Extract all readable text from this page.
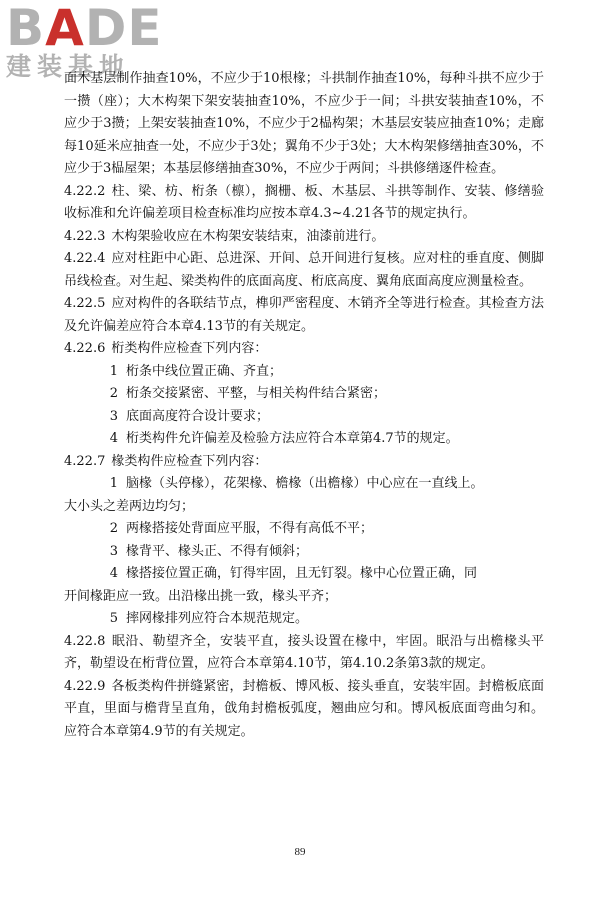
BADE
建装基地
面木基层制作抽查10%，不应少于10根椽；斗拱制作抽查10%，每种斗拱不应少于一攒（座）；大木构架下架安装抽查10%，不应少于一间；斗拱安装抽查10%，不应少于3攒；上架安装抽查10%，不应少于2榀构架；木基层安装应抽查10%；走廊每10延米应抽查一处，不应少于3处；翼角不少于3处；大木构架修缮抽查30%，不应少于3榀屋架；本基层修缮抽查30%，不应少于两间；斗拱修缮逐件检查。
4.22.2 柱、梁、枋、桁条（檩），搁栅、板、木基层、斗拱等制作、安装、修缮验收标准和允许偏差项目检查标准均应按本章4.3~4.21各节的规定执行。
4.22.3 木构架验收应在木构架安装结束，油漆前进行。
4.22.4 应对柱距中心距、总进深、开间、总开间进行复核。应对柱的垂直度、侧脚吊线检查。对生起、梁类构件的底面高度、桁底高度、翼角底面高度应测量检查。
4.22.5 应对构件的各联结节点，榫卯严密程度、木销齐全等进行检查。其检查方法及允许偏差应符合本章4.13节的有关规定。
4.22.6 桁类构件应检查下列内容：
1 桁条中线位置正确、齐直；
2 桁条交接紧密、平整，与相关构件结合紧密；
3 底面高度符合设计要求；
4 桁类构件允许偏差及检验方法应符合本章第4.7节的规定。
4.22.7 椽类构件应检查下列内容：
1 脑椽（头停椽），花架椽、檐椽（出檐椽）中心应在一直线上。
大小头之差两边均匀；
2 两椽搭接处背面应平服，不得有高低不平；
3 椽背平、椽头正、不得有倾斜；
4 椽搭接位置正确，钉得牢固，且无钉裂。椽中心位置正确，同
开间椽距应一致。出沿椽出挑一致，椽头平齐；
5 摔网椽排列应符合本规范规定。
4.22.8 眠沿、勒望齐全，安装平直，接头设置在椽中，牢固。眠沿与出檐椽头平齐，勒望设在桁背位置，应符合本章第4.10节，第4.10.2条第3款的规定。
4.22.9 各板类构件拼缝紧密，封檐板、博风板、接头垂直，安装牢固。封檐板底面平直，里面与檐背呈直角，戗角封檐板弧度，翘曲应匀和。博风板底面弯曲匀和。应符合本章第4.9节的有关规定。
89
